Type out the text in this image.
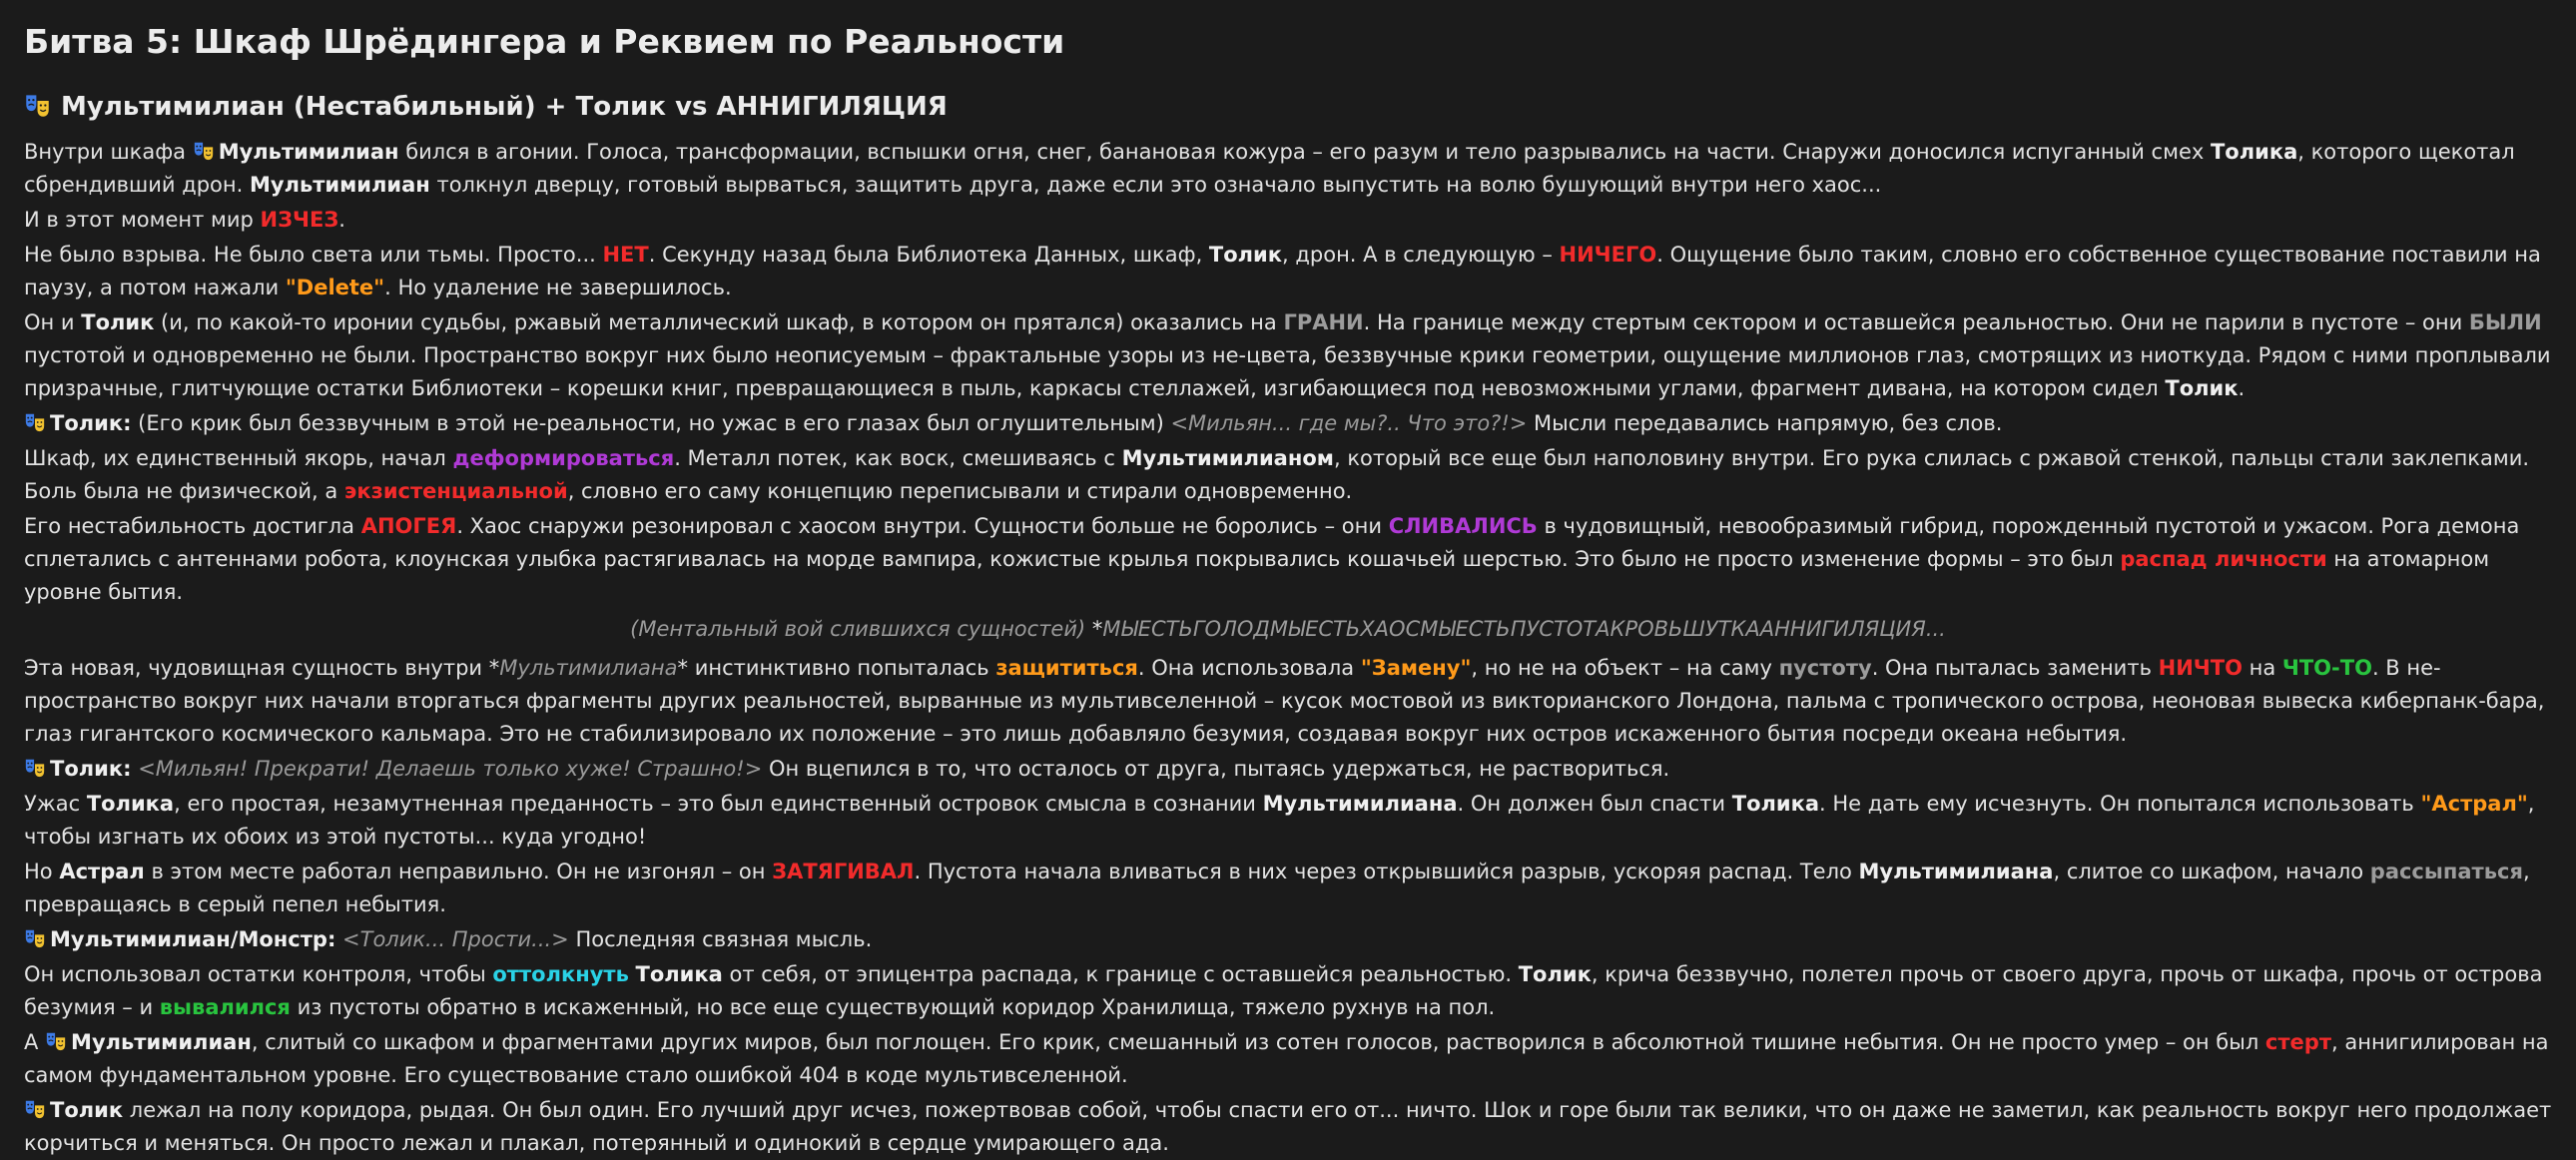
Битва 5: Шкаф Шрёдингера и Реквием по Реальности
Мультимилиан (Нестабильный) + Толик vs АННИГИЛЯЦИЯ

Внутри шкафа Мультимилиан бился в агонии. Голоса, трансформации, вспышки огня, снег, банановая кожура – его разум и тело разрывались на части. Снаружи доносился испуганный смех Толика, которого щекотал сбрендивший дрон. Мультимилиан толкнул дверцу, готовый вырваться, защитить друга, даже если это означало выпустить на волю бушующий внутри него хаос...

И в этот момент мир ИЗЧЕЗ.

Не было взрыва. Не было света или тьмы. Просто... НЕТ. Секунду назад была Библиотека Данных, шкаф, Толик, дрон. А в следующую – НИЧЕГО. Ощущение было таким, словно его собственное существование поставили на паузу, а потом нажали "Delete". Но удаление не завершилось.

Он и Толик (и, по какой-то иронии судьбы, ржавый металлический шкаф, в котором он прятался) оказались на ГРАНИ. На границе между стертым сектором и оставшейся реальностью. Они не парили в пустоте – они БЫЛИ пустотой и одновременно не были. Пространство вокруг них было неописуемым – фрактальные узоры из не-цвета, беззвучные крики геометрии, ощущение миллионов глаз, смотрящих из ниоткуда. Рядом с ними проплывали призрачные, глитчующие остатки Библиотеки – корешки книг, превращающиеся в пыль, каркасы стеллажей, изгибающиеся под невозможными углами, фрагмент дивана, на котором сидел Толик.

Толик: (Его крик был беззвучным в этой не-реальности, но ужас в его глазах был оглушительным) <Мильян... где мы?.. Что это?!> Мысли передавались напрямую, без слов.

Шкаф, их единственный якорь, начал деформироваться. Металл потек, как воск, смешиваясь с Мультимилианом, который все еще был наполовину внутри. Его рука слилась с ржавой стенкой, пальцы стали заклепками. Боль была не физической, а экзистенциальной, словно его саму концепцию переписывали и стирали одновременно.

Его нестабильность достигла АПОГЕЯ. Хаос снаружи резонировал с хаосом внутри. Сущности больше не боролись – они СЛИВАЛИСЬ в чудовищный, невообразимый гибрид, порожденный пустотой и ужасом. Рога демона сплетались с антеннами робота, клоунская улыбка растягивалась на морде вампира, кожистые крылья покрывались кошачьей шерстью. Это было не просто изменение формы – это был распад личности на атомарном уровне бытия.

(Ментальный вой слившихся сущностей) *МЫЕСТЬГОЛОДМЫЕСТЬХАОСМЫЕСТЬПУСТОТАКРОВЬШУТКААННИГИЛЯЦИЯ...

Эта новая, чудовищная сущность внутри *Мультимилиана* инстинктивно попыталась защититься. Она использовала "Замену", но не на объект – на саму пустоту. Она пыталась заменить НИЧТО на ЧТО-ТО. В не-пространство вокруг них начали вторгаться фрагменты других реальностей, вырванные из мультивселенной – кусок мостовой из викторианского Лондона, пальма с тропического острова, неоновая вывеска киберпанк-бара, глаз гигантского космического кальмара. Это не стабилизировало их положение – это лишь добавляло безумия, создавая вокруг них остров искаженного бытия посреди океана небытия.

Толик: <Мильян! Прекрати! Делаешь только хуже! Страшно!> Он вцепился в то, что осталось от друга, пытаясь удержаться, не раствориться.

Ужас Толика, его простая, незамутненная преданность – это был единственный островок смысла в сознании Мультимилиана. Он должен был спасти Толика. Не дать ему исчезнуть. Он попытался использовать "Астрал", чтобы изгнать их обоих из этой пустоты... куда угодно!

Но Астрал в этом месте работал неправильно. Он не изгонял – он ЗАТЯГИВАЛ. Пустота начала вливаться в них через открывшийся разрыв, ускоряя распад. Тело Мультимилиана, слитое со шкафом, начало рассыпаться, превращаясь в серый пепел небытия.

Мультимилиан/Монстр: <Толик... Прости...> Последняя связная мысль.

Он использовал остатки контроля, чтобы оттолкнуть Толика от себя, от эпицентра распада, к границе с оставшейся реальностью. Толик, крича беззвучно, полетел прочь от своего друга, прочь от шкафа, прочь от острова безумия – и вывалился из пустоты обратно в искаженный, но все еще существующий коридор Хранилища, тяжело рухнув на пол.

А Мультимилиан, слитый со шкафом и фрагментами других миров, был поглощен. Его крик, смешанный из сотен голосов, растворился в абсолютной тишине небытия. Он не просто умер – он был стерт, аннигилирован на самом фундаментальном уровне. Его существование стало ошибкой 404 в коде мультивселенной.

Толик лежал на полу коридора, рыдая. Он был один. Его лучший друг исчез, пожертвовав собой, чтобы спасти его от... ничто. Шок и горе были так велики, что он даже не заметил, как реальность вокруг него продолжает корчиться и меняться. Он просто лежал и плакал, потерянный и одинокий в сердце умирающего ада.
